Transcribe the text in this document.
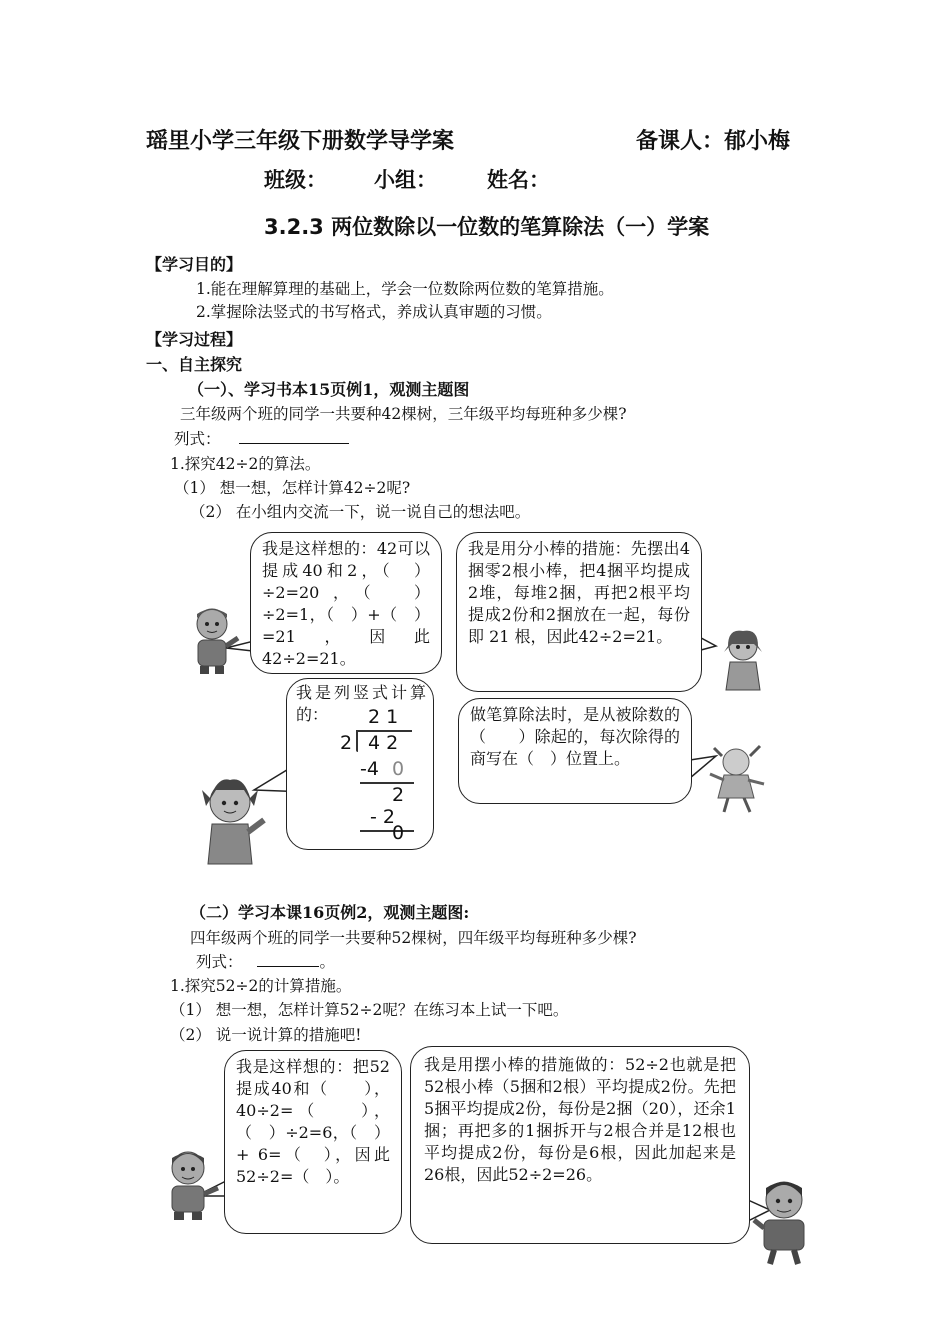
瑶里小学三年级下册数学导学案	备课人：郁小梅
班级： 小组： 姓名：
3.2.3 两位数除以一位数的笔算除法（一）学案
【学习目的】
1.能在理解算理的基础上，学会一位数除两位数的笔算措施。
2.掌握除法竖式的书写格式，养成认真审题的习惯。
【学习过程】
一、自主探究
（一）、学习书本15页例1，观测主题图
三年级两个班的同学一共要种42棵树，三年级平均每班种多少棵?
列式：
1.探究42÷2的算法。
（1） 想一想，怎样计算42÷2呢?
（2） 在小组内交流一下，说一说自己的想法吧。
我是这样想的：42可以提成40和2，（　）÷2=20，（　）÷2=1，（　）+（　）=21，因此42÷2=21。
我是用分小棒的措施：先摆出4捆零2根小棒，把4捆平均提成2堆，每堆2捆，再把2根平均提成2份和2捆放在一起，每份即 21 根，因此42÷2=21。
我是列竖式计算的：	2 1
2 4 2
-4 0
2
- 2
0
做笔算除法时，是从被除数的（　　）除起的，每次除得的商写在（　）位置上。
（二）学习本课16页例2，观测主题图:
四年级两个班的同学一共要种52棵树，四年级平均每班种多少棵?
列式：	。
1.探究52÷2的计算措施。
（1） 想一想，怎样计算52÷2呢？在练习本上试一下吧。
（2） 说一说计算的措施吧!
我是这样想的：把52提成40和（　　），40÷2=（　　），（　）÷2=6，（　）+ 6=（　），因此 52÷2=（　）。
我是用摆小棒的措施做的：52÷2也就是把52根小棒（5捆和2根）平均提成2份。先把5捆平均提成2份，每份是2捆（20），还余1捆；再把多的1捆拆开与2根合并是12根也平均提成2份，每份是6根，因此加起来是26根，因此52÷2=26。
